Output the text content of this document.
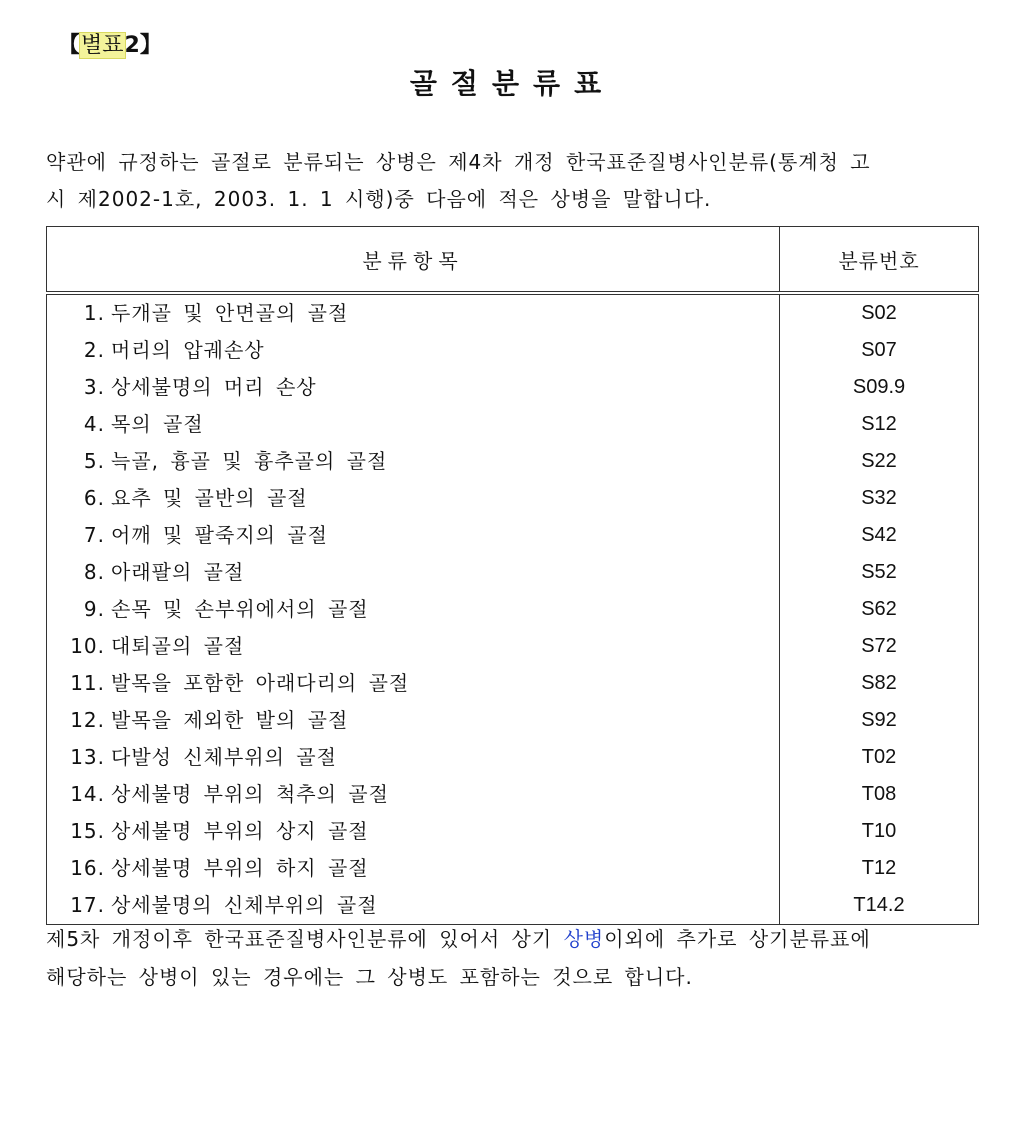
【별표2】
골절분류표
약관에 규정하는 골절로 분류되는 상병은 제4차 개정 한국표준질병사인분류(통계청 고
시 제2002-1호, 2003. 1. 1 시행)중 다음에 적은 상병을 말합니다.
분류항목	분류번호
1. 두개골 및 안면골의 골절	S02
2. 머리의 압궤손상	S07
3. 상세불명의 머리 손상	S09.9
4. 목의 골절	S12
5. 늑골, 흉골 및 흉추골의 골절	S22
6. 요추 및 골반의 골절	S32
7. 어깨 및 팔죽지의 골절	S42
8. 아래팔의 골절	S52
9. 손목 및 손부위에서의 골절	S62
10. 대퇴골의 골절	S72
11. 발목을 포함한 아래다리의 골절	S82
12. 발목을 제외한 발의 골절	S92
13. 다발성 신체부위의 골절	T02
14. 상세불명 부위의 척추의 골절	T08
15. 상세불명 부위의 상지 골절	T10
16. 상세불명 부위의 하지 골절	T12
17. 상세불명의 신체부위의 골절	T14.2
제5차 개정이후 한국표준질병사인분류에 있어서 상기 상병이외에 추가로 상기분류표에
해당하는 상병이 있는 경우에는 그 상병도 포함하는 것으로 합니다.
